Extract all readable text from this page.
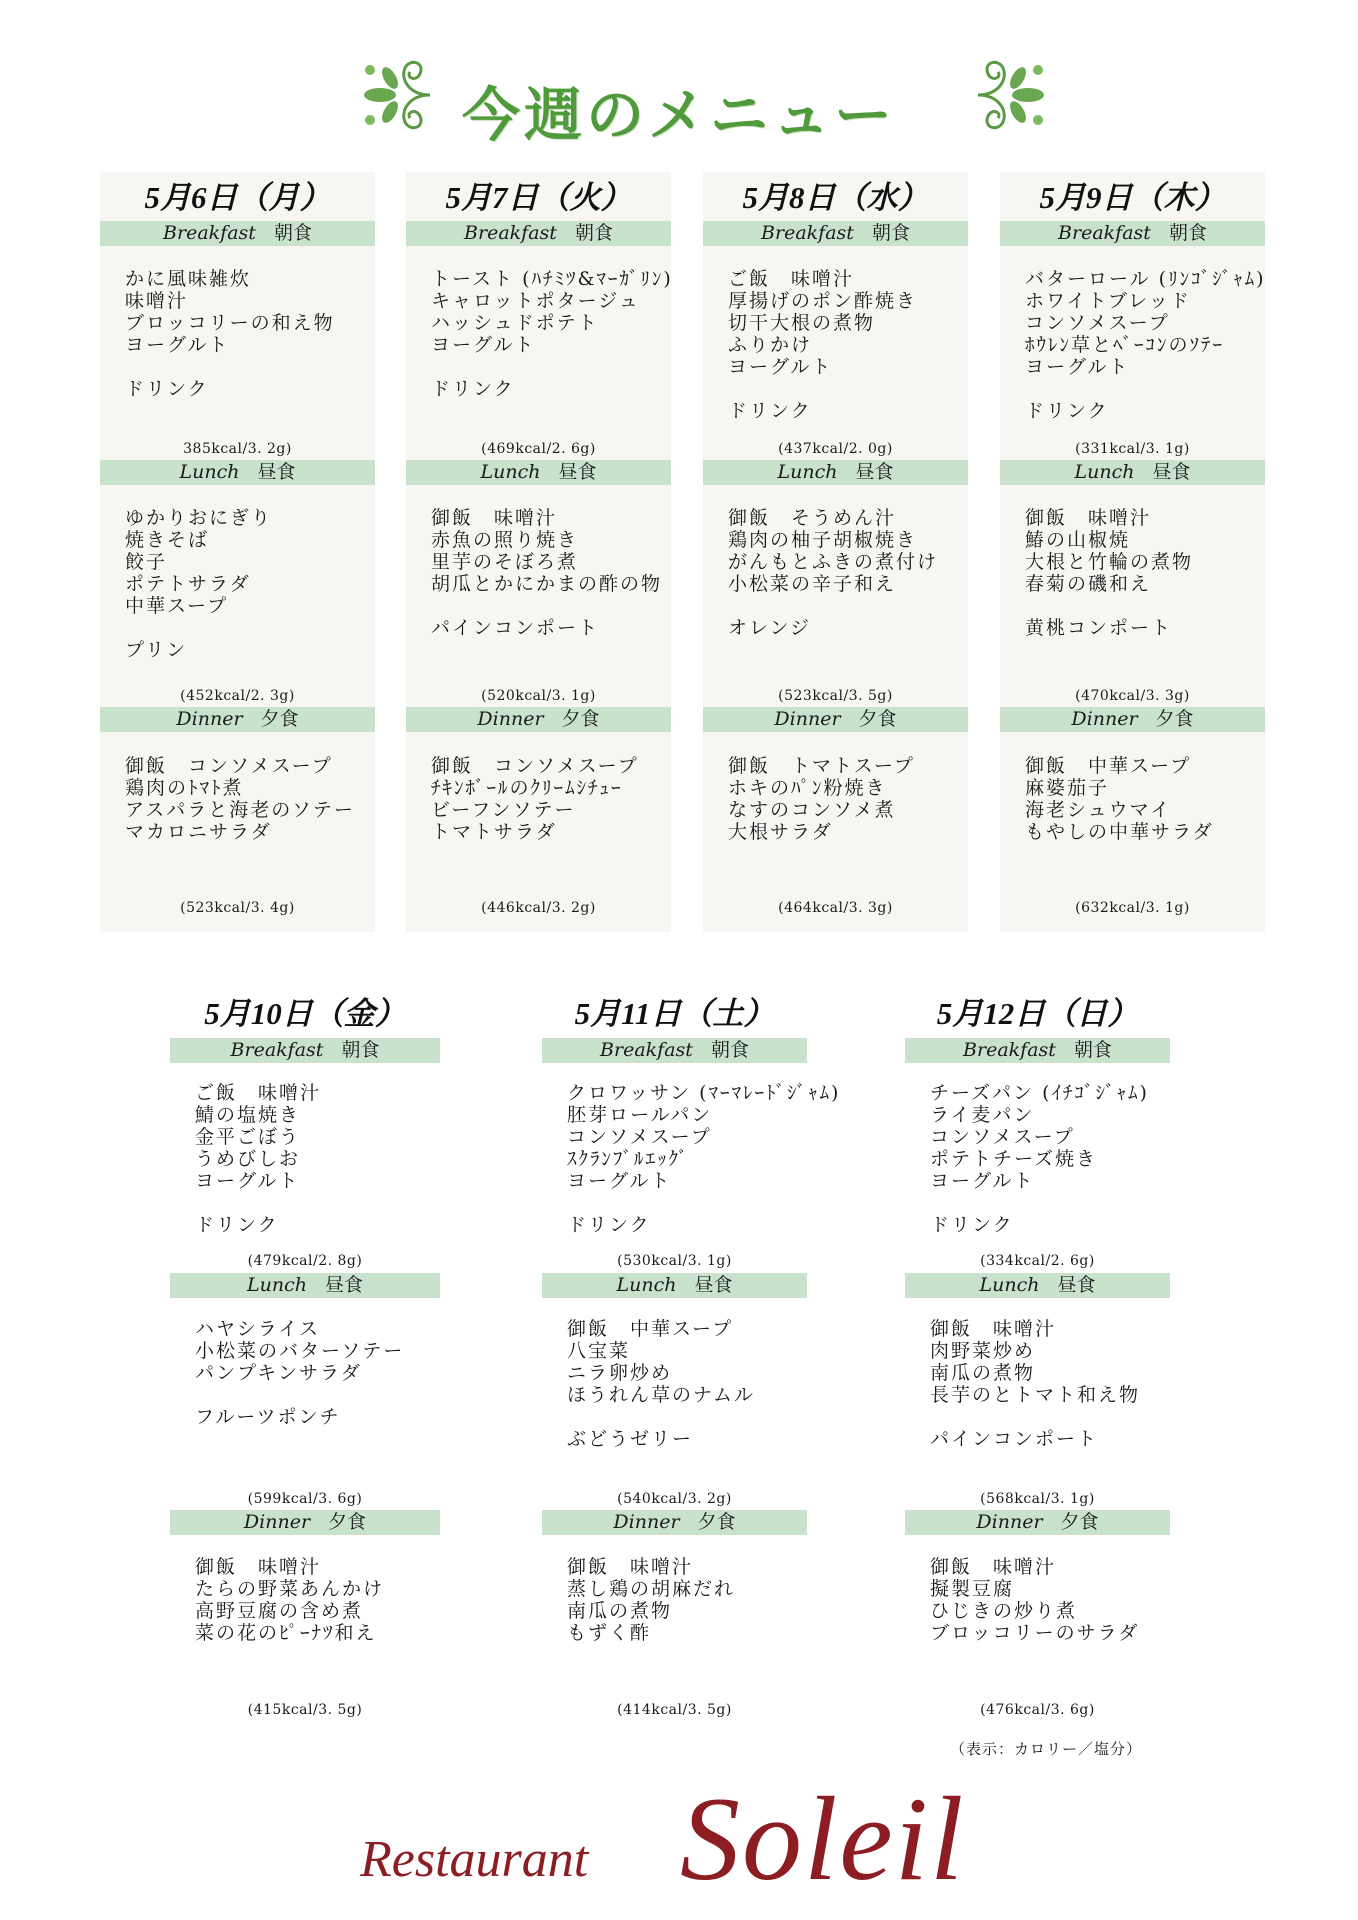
今週のメニュー
5月6日（月）
Breakfast 朝食
かに風味雑炊
味噌汁
ブロッコリーの和え物
ヨーグルト
ドリンク
385kcal/3. 2g)
Lunch 昼食
ゆかりおにぎり
焼きそば
餃子
ポテトサラダ
中華スープ
プリン
(452kcal/2. 3g)
Dinner 夕食
御飯　コンソメスープ
鶏肉のﾄﾏﾄ煮
アスパラと海老のソテー
マカロニサラダ
(523kcal/3. 4g)
5月7日（火）
Breakfast 朝食
トースト (ﾊﾁﾐﾂ&ﾏｰｶﾞﾘﾝ)
キャロットポタージュ
ハッシュドポテト
ヨーグルト
ドリンク
(469kcal/2. 6g)
Lunch 昼食
御飯　味噌汁
赤魚の照り焼き
里芋のそぼろ煮
胡瓜とかにかまの酢の物
パインコンポート
(520kcal/3. 1g)
Dinner 夕食
御飯　コンソメスープ
ﾁｷﾝﾎﾞｰﾙのｸﾘｰﾑｼﾁｭｰ
ビーフンソテー
トマトサラダ
(446kcal/3. 2g)
5月8日（水）
Breakfast 朝食
ご飯　味噌汁
厚揚げのポン酢焼き
切干大根の煮物
ふりかけ
ヨーグルト
ドリンク
(437kcal/2. 0g)
Lunch 昼食
御飯　そうめん汁
鶏肉の柚子胡椒焼き
がんもとふきの煮付け
小松菜の辛子和え
オレンジ
(523kcal/3. 5g)
Dinner 夕食
御飯　トマトスープ
ホキのﾊﾟﾝ粉焼き
なすのコンソメ煮
大根サラダ
(464kcal/3. 3g)
5月9日（木）
Breakfast 朝食
バターロール (ﾘﾝｺﾞｼﾞｬﾑ)
ホワイトブレッド
コンソメスープ
ﾎｳﾚﾝ草とﾍﾞｰｺﾝのｿﾃｰ
ヨーグルト
ドリンク
(331kcal/3. 1g)
Lunch 昼食
御飯　味噌汁
鰆の山椒焼
大根と竹輪の煮物
春菊の磯和え
黄桃コンポート
(470kcal/3. 3g)
Dinner 夕食
御飯　中華スープ
麻婆茄子
海老シュウマイ
もやしの中華サラダ
(632kcal/3. 1g)
5月10日（金）
Breakfast 朝食
ご飯　味噌汁
鯖の塩焼き
金平ごぼう
うめびしお
ヨーグルト
ドリンク
(479kcal/2. 8g)
Lunch 昼食
ハヤシライス
小松菜のバターソテー
パンプキンサラダ
フルーツポンチ
(599kcal/3. 6g)
Dinner 夕食
御飯　味噌汁
たらの野菜あんかけ
高野豆腐の含め煮
菜の花のﾋﾟｰﾅﾂ和え
(415kcal/3. 5g)
5月11日（土）
Breakfast 朝食
クロワッサン (ﾏｰﾏﾚｰﾄﾞｼﾞｬﾑ)
胚芽ロールパン
コンソメスープ
ｽｸﾗﾝﾌﾞﾙｴｯｸﾞ
ヨーグルト
ドリンク
(530kcal/3. 1g)
Lunch 昼食
御飯　中華スープ
八宝菜
ニラ卵炒め
ほうれん草のナムル
ぶどうゼリー
(540kcal/3. 2g)
Dinner 夕食
御飯　味噌汁
蒸し鶏の胡麻だれ
南瓜の煮物
もずく酢
(414kcal/3. 5g)
5月12日（日）
Breakfast 朝食
チーズパン (ｲﾁｺﾞｼﾞｬﾑ)
ライ麦パン
コンソメスープ
ポテトチーズ焼き
ヨーグルト
ドリンク
(334kcal/2. 6g)
Lunch 昼食
御飯　味噌汁
肉野菜炒め
南瓜の煮物
長芋のとトマト和え物
パインコンポート
(568kcal/3. 1g)
Dinner 夕食
御飯　味噌汁
擬製豆腐
ひじきの炒り煮
ブロッコリーのサラダ
(476kcal/3. 6g)
（表示：カロリー／塩分）
Restaurant Soleil
